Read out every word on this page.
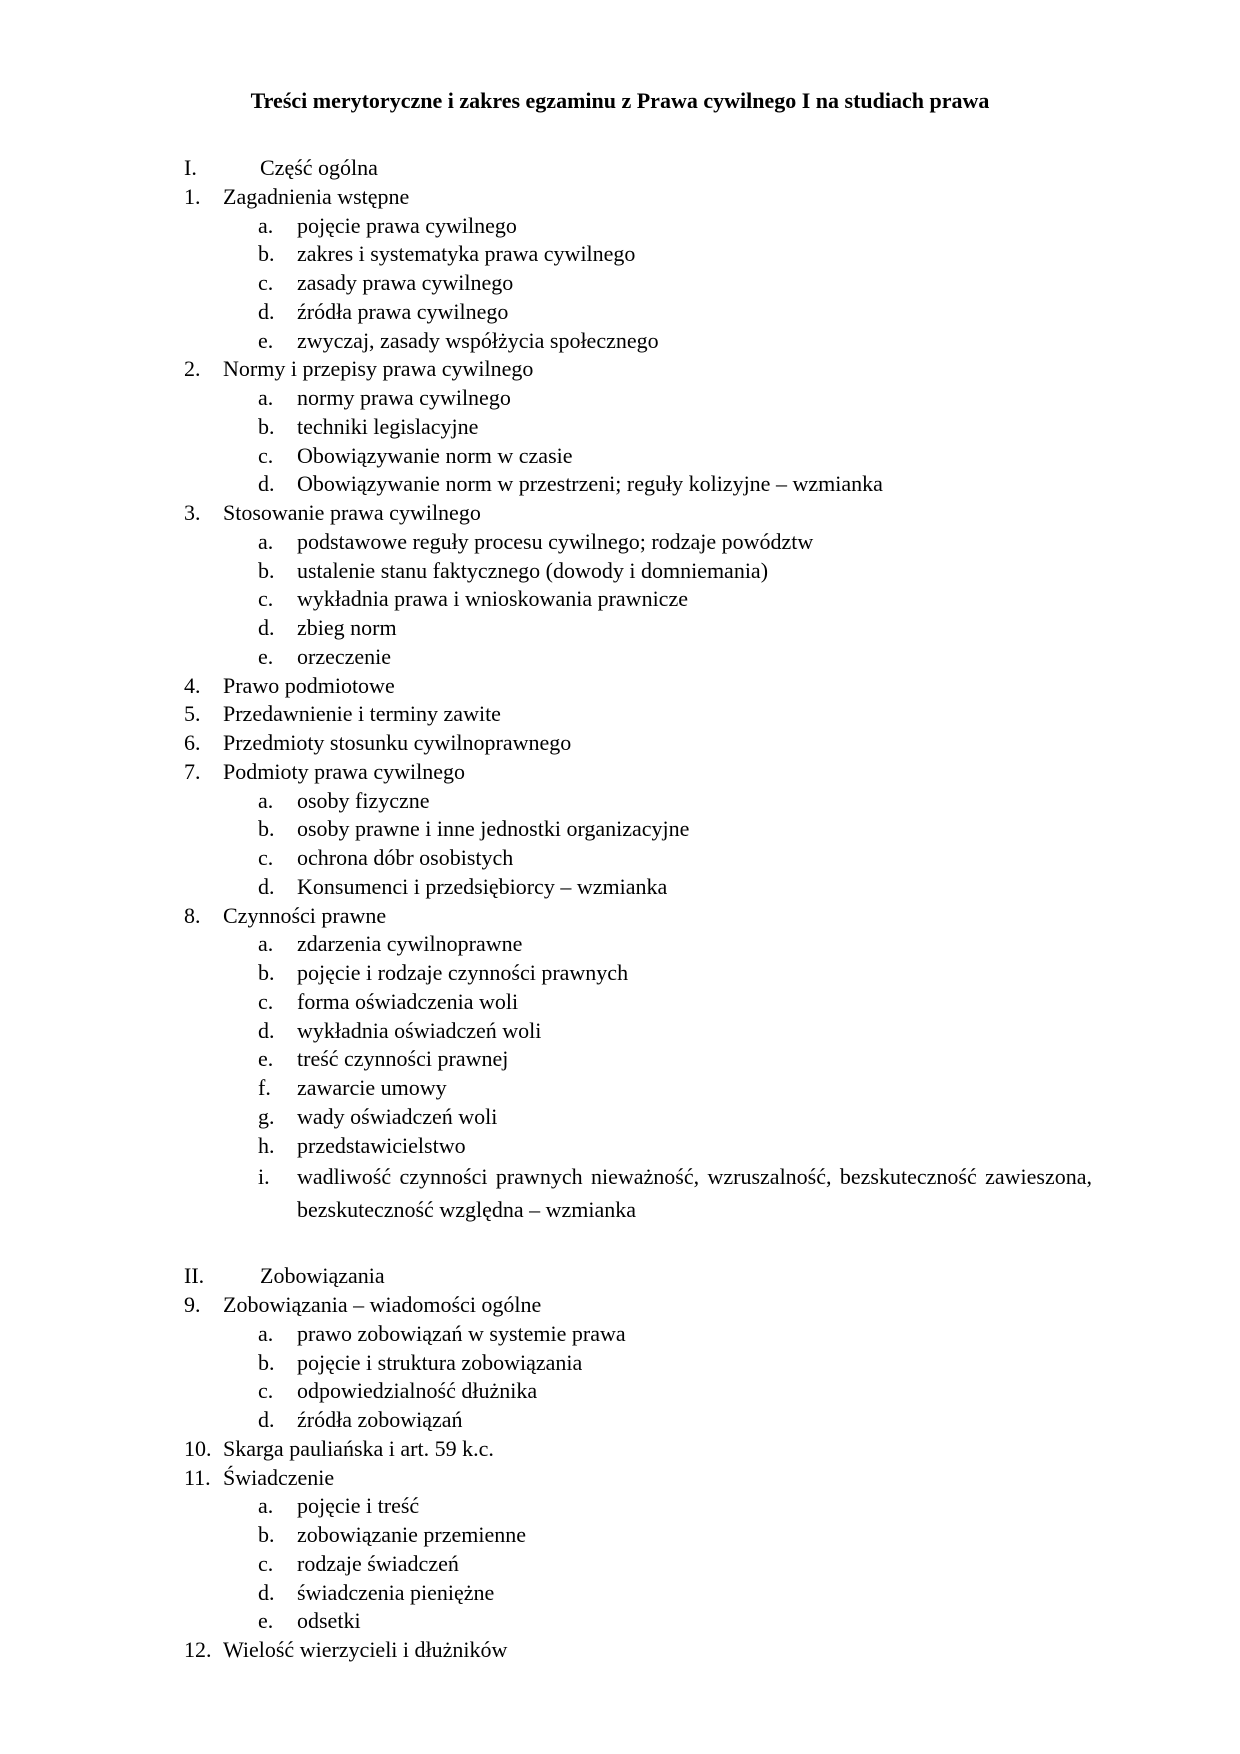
Treści merytoryczne i zakres egzaminu z Prawa cywilnego I na studiach prawa
I.	Część ogólna
1. Zagadnienia wstępne
a. pojęcie prawa cywilnego
b. zakres i systematyka prawa cywilnego
c. zasady prawa cywilnego
d. źródła prawa cywilnego
e. zwyczaj, zasady współżycia społecznego
2. Normy i przepisy prawa cywilnego
a. normy prawa cywilnego
b. techniki legislacyjne
c. Obowiązywanie norm w czasie
d. Obowiązywanie norm w przestrzeni; reguły kolizyjne – wzmianka
3. Stosowanie prawa cywilnego
a. podstawowe reguły procesu cywilnego; rodzaje powództw
b. ustalenie stanu faktycznego (dowody i domniemania)
c. wykładnia prawa i wnioskowania prawnicze
d. zbieg norm
e. orzeczenie
4. Prawo podmiotowe
5. Przedawnienie i terminy zawite
6. Przedmioty stosunku cywilnoprawnego
7. Podmioty prawa cywilnego
a. osoby fizyczne
b. osoby prawne i inne jednostki organizacyjne
c. ochrona dóbr osobistych
d. Konsumenci i przedsiębiorcy – wzmianka
8. Czynności prawne
a. zdarzenia cywilnoprawne
b. pojęcie i rodzaje czynności prawnych
c. forma oświadczenia woli
d. wykładnia oświadczeń woli
e. treść czynności prawnej
f. zawarcie umowy
g. wady oświadczeń woli
h. przedstawicielstwo
i. wadliwość czynności prawnych nieważność, wzruszalność, bezskuteczność zawieszona, bezskuteczność względna – wzmianka
II.	Zobowiązania
9. Zobowiązania – wiadomości ogólne
a. prawo zobowiązań w systemie prawa
b. pojęcie i struktura zobowiązania
c. odpowiedzialność dłużnika
d. źródła zobowiązań
10. Skarga pauliańska i art. 59 k.c.
11. Świadczenie
a. pojęcie i treść
b. zobowiązanie przemienne
c. rodzaje świadczeń
d. świadczenia pieniężne
e. odsetki
12. Wielość wierzycieli i dłużników
